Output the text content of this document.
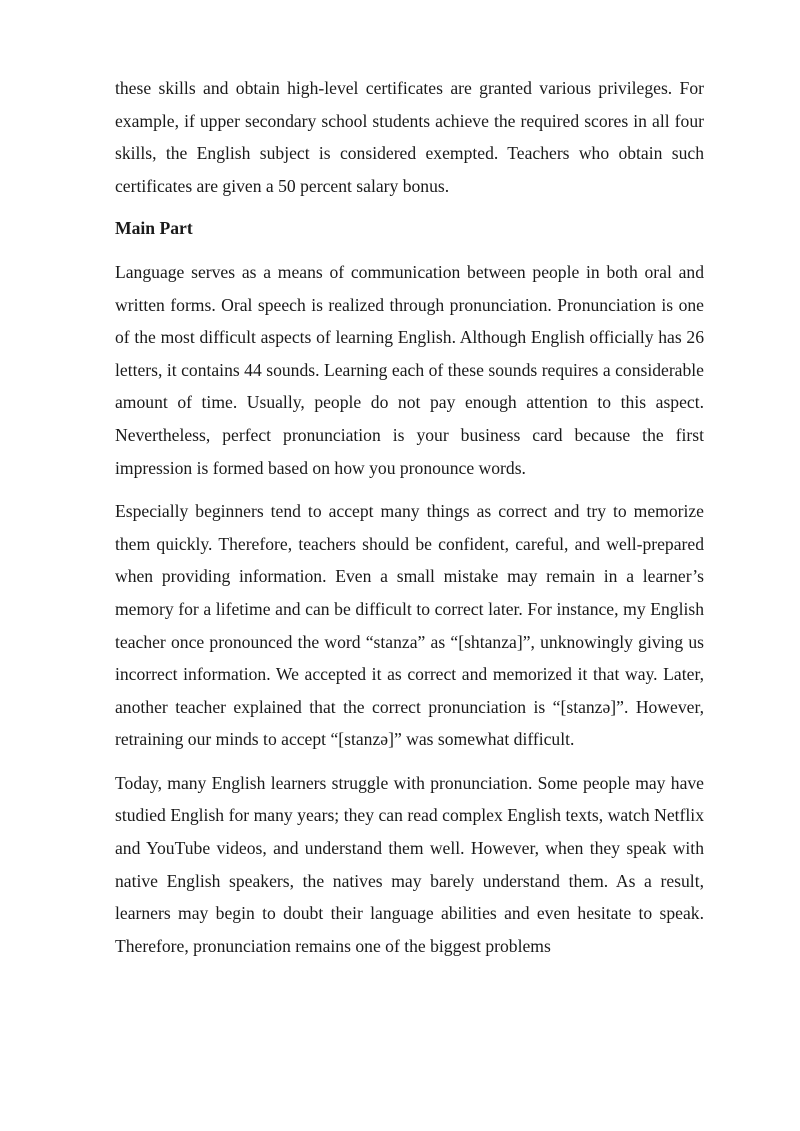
these skills and obtain high-level certificates are granted various privileges. For example, if upper secondary school students achieve the required scores in all four skills, the English subject is considered exempted. Teachers who obtain such certificates are given a 50 percent salary bonus.

Main Part

Language serves as a means of communication between people in both oral and written forms. Oral speech is realized through pronunciation. Pronunciation is one of the most difficult aspects of learning English. Although English officially has 26 letters, it contains 44 sounds. Learning each of these sounds requires a considerable amount of time. Usually, people do not pay enough attention to this aspect. Nevertheless, perfect pronunciation is your business card because the first impression is formed based on how you pronounce words.

Especially beginners tend to accept many things as correct and try to memorize them quickly. Therefore, teachers should be confident, careful, and well-prepared when providing information. Even a small mistake may remain in a learner’s memory for a lifetime and can be difficult to correct later. For instance, my English teacher once pronounced the word “stanza” as “[shtanza]”, unknowingly giving us incorrect information. We accepted it as correct and memorized it that way. Later, another teacher explained that the correct pronunciation is “[stanzə]”. However, retraining our minds to accept “[stanzə]” was somewhat difficult.

Today, many English learners struggle with pronunciation. Some people may have studied English for many years; they can read complex English texts, watch Netflix and YouTube videos, and understand them well. However, when they speak with native English speakers, the natives may barely understand them. As a result, learners may begin to doubt their language abilities and even hesitate to speak. Therefore, pronunciation remains one of the biggest problems
